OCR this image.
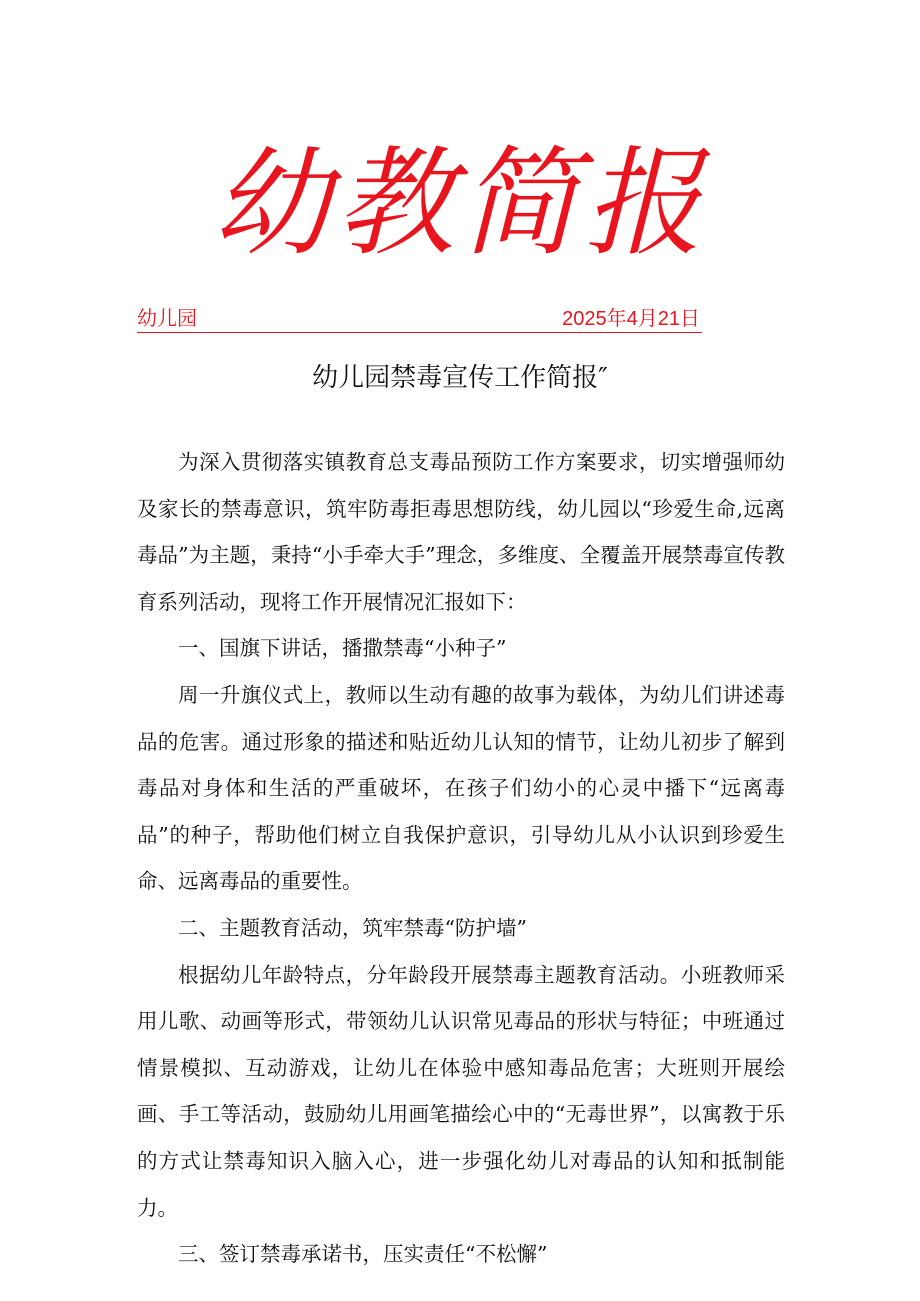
幼教简报
幼儿园	2025年4月21日
幼儿园禁毒宣传工作简报″

为深入贯彻落实镇教育总支毒品预防工作方案要求，切实增强师幼及家长的禁毒意识，筑牢防毒拒毒思想防线，幼儿园以“珍爱生命,远离毒品”为主题，秉持“小手牵大手”理念，多维度、全覆盖开展禁毒宣传教育系列活动，现将工作开展情况汇报如下：

一、国旗下讲话，播撒禁毒“小种子”

周一升旗仪式上，教师以生动有趣的故事为载体，为幼儿们讲述毒品的危害。通过形象的描述和贴近幼儿认知的情节，让幼儿初步了解到毒品对身体和生活的严重破坏，在孩子们幼小的心灵中播下“远离毒品”的种子，帮助他们树立自我保护意识，引导幼儿从小认识到珍爱生命、远离毒品的重要性。

二、主题教育活动，筑牢禁毒“防护墙”

根据幼儿年龄特点，分年龄段开展禁毒主题教育活动。小班教师采用儿歌、动画等形式，带领幼儿认识常见毒品的形状与特征；中班通过情景模拟、互动游戏，让幼儿在体验中感知毒品危害；大班则开展绘画、手工等活动，鼓励幼儿用画笔描绘心中的“无毒世界”，以寓教于乐的方式让禁毒知识入脑入心，进一步强化幼儿对毒品的认知和抵制能力。

三、签订禁毒承诺书，压实责任“不松懈”
